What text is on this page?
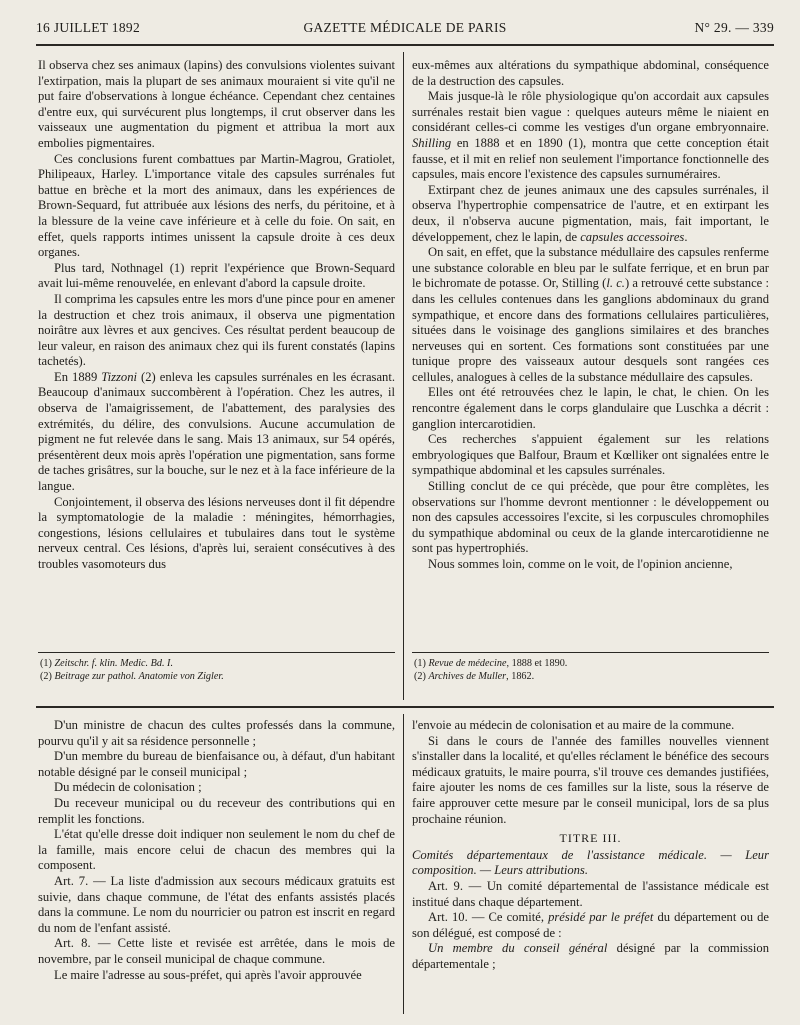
16 JUILLET 1892	GAZETTE MÉDICALE DE PARIS	N° 29. — 339

Il observa chez ses animaux (lapins) des convulsions violentes suivant l'extirpation, mais la plupart de ses animaux mouraient si vite qu'il ne put faire d'observations à longue échéance. Cependant chez centaines d'entre eux, qui survécurent plus longtemps, il crut observer dans les vaisseaux une augmentation du pigment et attribua la mort aux embolies pigmentaires.

Ces conclusions furent combattues par Martin-Magrou, Gratiolet, Philipeaux, Harley. L'importance vitale des capsules surrénales fut battue en brèche et la mort des animaux, dans les expériences de Brown-Sequard, fut attribuée aux lésions des nerfs, du péritoine, et à la blessure de la veine cave inférieure et à celle du foie. On sait, en effet, quels rapports intimes unissent la capsule droite à ces deux organes.

Plus tard, Nothnagel (1) reprit l'expérience que Brown-Sequard avait lui-même renouvelée, en enlevant d'abord la capsule droite.

Il comprima les capsules entre les mors d'une pince pour en amener la destruction et chez trois animaux, il observa une pigmentation noirâtre aux lèvres et aux gencives. Ces résultat perdent beaucoup de leur valeur, en raison des animaux chez qui ils furent constatés (lapins tachetés).

En 1889 Tizzoni (2) enleva les capsules surrénales en les écrasant. Beaucoup d'animaux succombèrent à l'opération. Chez les autres, il observa de l'amaigrissement, de l'abattement, des paralysies des extrémités, du délire, des convulsions. Aucune accumulation de pigment ne fut relevée dans le sang. Mais 13 animaux, sur 54 opérés, présentèrent deux mois après l'opération une pigmentation, sans forme de taches grisâtres, sur la bouche, sur le nez et à la face inférieure de la langue.

Conjointement, il observa des lésions nerveuses dont il fit dépendre la symptomatologie de la maladie : méningites, hémorrhagies, congestions, lésions cellulaires et tubulaires dans tout le système nerveux central. Ces lésions, d'après lui, seraient consécutives à des troubles vasomoteurs dus

(1) Zeitschr. f. klin. Medic. Bd. I.
(2) Beitrage zur pathol. Anatomie von Zigler.

eux-mêmes aux altérations du sympathique abdominal, conséquence de la destruction des capsules.

Mais jusque-là le rôle physiologique qu'on accordait aux capsules surrénales restait bien vague : quelques auteurs même le niaient en considérant celles-ci comme les vestiges d'un organe embryonnaire. Shilling en 1888 et en 1890 (1), montra que cette conception était fausse, et il mit en relief non seulement l'importance fonctionnelle des capsules, mais encore l'existence des capsules surnuméraires.

Extirpant chez de jeunes animaux une des capsules surrénales, il observa l'hypertrophie compensatrice de l'autre, et en extirpant les deux, il n'observa aucune pigmentation, mais, fait important, le développement, chez le lapin, de capsules accessoires.

On sait, en effet, que la substance médullaire des capsules renferme une substance colorable en bleu par le sulfate ferrique, et en brun par le bichromate de potasse. Or, Stilling (l. c.) a retrouvé cette substance : dans les cellules contenues dans les ganglions abdominaux du grand sympathique, et encore dans des formations cellulaires particulières, situées dans le voisinage des ganglions similaires et des branches nerveuses qui en sortent. Ces formations sont constituées par une tunique propre des vaisseaux autour desquels sont rangées ces cellules, analogues à celles de la substance médullaire des capsules.

Elles ont été retrouvées chez le lapin, le chat, le chien. On les rencontre également dans le corps glandulaire que Luschka a décrit : ganglion intercarotidien.

Ces recherches s'appuient également sur les relations embryologiques que Balfour, Braum et Kœlliker ont signalées entre le sympathique abdominal et les capsules surrénales.

Stilling conclut de ce qui précède, que pour être complètes, les observations sur l'homme devront mentionner : le développement ou non des capsules accessoires l'excite, si les corpuscules chromophiles du sympathique abdominal ou ceux de la glande intercarotidienne ne sont pas hypertrophiés.

Nous sommes loin, comme on le voit, de l'opinion ancienne,

(1) Revue de médecine, 1888 et 1890.
(2) Archives de Muller, 1862.

D'un ministre de chacun des cultes professés dans la commune, pourvu qu'il y ait sa résidence personnelle ;

D'un membre du bureau de bienfaisance ou, à défaut, d'un habitant notable désigné par le conseil municipal ;

Du médecin de colonisation ;

Du receveur municipal ou du receveur des contributions qui en remplit les fonctions.

L'état qu'elle dresse doit indiquer non seulement le nom du chef de la famille, mais encore celui de chacun des membres qui la composent.

Art. 7. — La liste d'admission aux secours médicaux gratuits est suivie, dans chaque commune, de l'état des enfants assistés placés dans la commune. Le nom du nourricier ou patron est inscrit en regard du nom de l'enfant assisté.

Art. 8. — Cette liste et revisée est arrêtée, dans le mois de novembre, par le conseil municipal de chaque commune.

Le maire l'adresse au sous-préfet, qui après l'avoir approuvée

l'envoie au médecin de colonisation et au maire de la commune.

Si dans le cours de l'année des familles nouvelles viennent s'installer dans la localité, et qu'elles réclament le bénéfice des secours médicaux gratuits, le maire pourra, s'il trouve ces demandes justifiées, faire ajouter les noms de ces familles sur la liste, sous la réserve de faire approuver cette mesure par le conseil municipal, lors de sa plus prochaine réunion.

TITRE III.

Comités départementaux de l'assistance médicale. — Leur composition. — Leurs attributions.

Art. 9. — Un comité départemental de l'assistance médicale est institué dans chaque département.

Art. 10. — Ce comité, présidé par le préfet du département ou de son délégué, est composé de :

Un membre du conseil général désigné par la commission départementale ;
